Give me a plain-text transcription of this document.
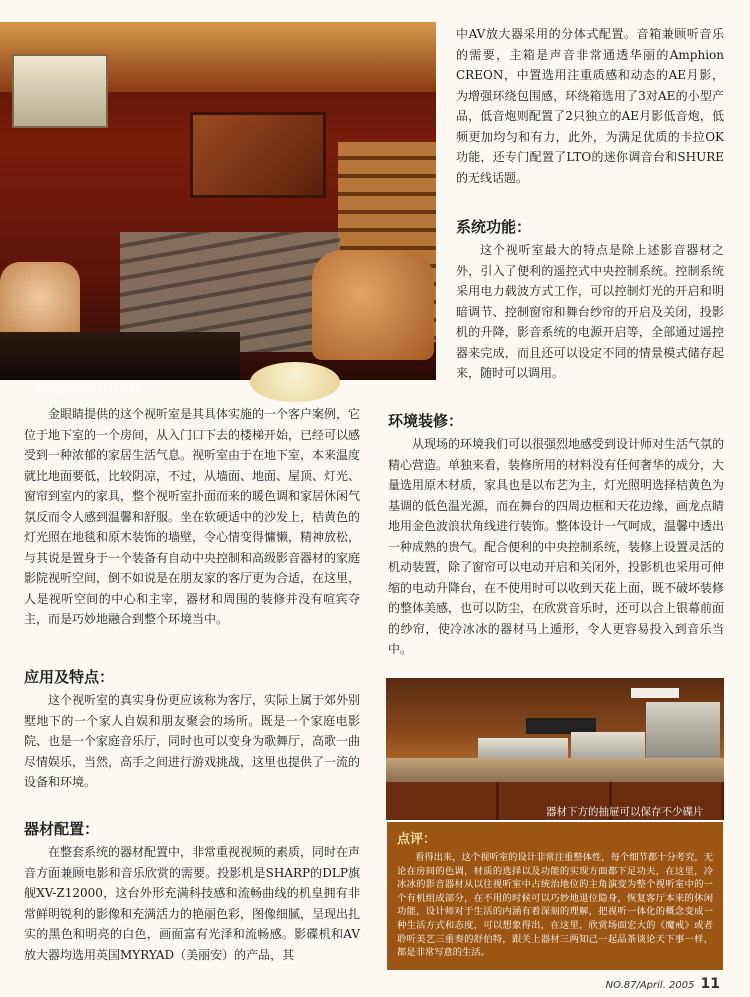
投影机吊架可以电动升降

中AV放大器采用的分体式配置。音箱兼顾听音乐的需要，主箱是声音非常通透华丽的Amphion CREON，中置选用注重质感和动态的AE月影，为增强环绕包围感，环绕箱选用了3对AE的小型产品，低音炮则配置了2只独立的AE月影低音炮，低频更加均匀和有力，此外，为满足优质的卡拉OK功能，还专门配置了LTO的迷你调音台和SHURE的无线话题。

系统功能：

这个视听室最大的特点是除上述影音器材之外，引入了便利的遥控式中央控制系统。控制系统采用电力载波方式工作，可以控制灯光的开启和明暗调节、控制窗帘和舞台纱帘的开启及关闭，投影机的升降，影音系统的电源开启等，全部通过遥控器来完成，而且还可以设定不同的情景模式储存起来，随时可以调用。

金眼睛提供的这个视听室是其具体实施的一个客户案例，它位于地下室的一个房间，从入门口下去的楼梯开始，已经可以感受到一种浓郁的家居生活气息。视听室由于在地下室，本来温度就比地面要低，比较阴凉，不过，从墙面、地面、屋顶、灯光、窗帘到室内的家具，整个视听室扑面而来的暖色调和家居休闲气氛反而令人感到温馨和舒服。坐在软硬适中的沙发上，桔黄色的灯光照在地毯和原木装饰的墙壁，令心情变得慵懒，精神放松，与其说是置身于一个装备有自动中央控制和高级影音器材的家庭影院视听空间，倒不如说是在朋友家的客厅更为合适，在这里，人是视听空间的中心和主宰，器材和周围的装修并没有喧宾夺主，而是巧妙地融合到整个环境当中。

应用及特点：

这个视听室的真实身份更应该称为客厅，实际上属于郊外别墅地下的一个家人自娱和朋友聚会的场所。既是一个家庭电影院、也是一个家庭音乐厅，同时也可以变身为歌舞厅，高歌一曲尽情娱乐，当然，高手之间进行游戏挑战，这里也提供了一流的设备和环境。

器材配置：

在整套系统的器材配置中，非常重视视频的素质，同时在声音方面兼顾电影和音乐欣赏的需要。投影机是SHARP的DLP旗舰XV-Z12000，这台外形充满科技感和流畅曲线的机皇拥有非常鲜明锐利的影像和充满活力的艳丽色彩，图像细腻，呈现出扎实的黑色和明亮的白色，画面富有光泽和流畅感。影碟机和AV放大器均选用英国MYRYAD（美丽安）的产品，其

环境装修：

从现场的环境我们可以很强烈地感受到设计师对生活气氛的精心营造。单独来看，装修所用的材料没有任何奢华的成分，大量选用原木材质，家具也是以布艺为主，灯光照明选择桔黄色为基调的低色温光源，而在舞台的四周边框和天花边缘，画龙点睛地用金色波浪状角线进行装饰。整体设计一气呵成，温馨中透出一种成熟的贵气。配合便利的中央控制系统，装修上设置灵活的机动装置，除了窗帘可以电动开启和关闭外，投影机也采用可伸缩的电动升降台，在不使用时可以收到天花上面，既不破坏装修的整体美感，也可以防尘，在欣赏音乐时，还可以合上银幕前面的纱帘，使冷冰冰的器材马上遁形，令人更容易投入到音乐当中。

器材下方的抽屉可以保存不少碟片
点评：

看得出来，这个视听室的设计非常注重整体性，每个细节都十分考究，无论在房间的色调，材质的选择以及功能的实现方面都下足功夫，在这里，冷冰冰的影音器材从以往视听室中占统治地位的主角演变为整个视听室中的一个有机组成部分，在不用的时候可以巧妙地退位隐身，恢复客厅本来的休闲功能，设计师对于生活的内涵有着深刻的理解，把视听一体化的概念变成一种生活方式和态度，可以想象得出，在这里，欣赏场面宏大的《魔戒》或者聆听美艺三重奏的舒伯特，跟关上器材三两知己一起品茶谈论天下事一样，都是非常写意的生活。

NO.87/April. 2005 11
